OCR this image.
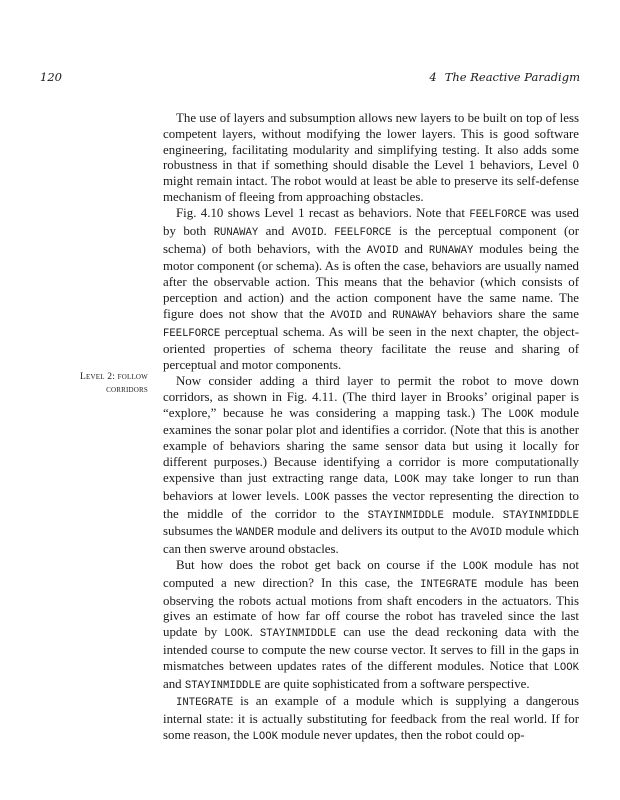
120	4 The Reactive Paradigm
Level 2: follow
corridors

The use of layers and subsumption allows new layers to be built on top of less competent layers, without modifying the lower layers. This is good software engineering, facilitating modularity and simplifying testing. It also adds some robustness in that if something should disable the Level 1 behaviors, Level 0 might remain intact. The robot would at least be able to preserve its self-defense mechanism of fleeing from approaching obstacles.

Fig. 4.10 shows Level 1 recast as behaviors. Note that FEELFORCE was used by both RUNAWAY and AVOID. FEELFORCE is the perceptual component (or schema) of both behaviors, with the AVOID and RUNAWAY modules being the motor component (or schema). As is often the case, behaviors are usually named after the observable action. This means that the behavior (which consists of perception and action) and the action component have the same name. The figure does not show that the AVOID and RUNAWAY behaviors share the same FEELFORCE perceptual schema. As will be seen in the next chapter, the object-oriented properties of schema theory facilitate the reuse and sharing of perceptual and motor components.

Now consider adding a third layer to permit the robot to move down corridors, as shown in Fig. 4.11. (The third layer in Brooks’ original paper is “explore,” because he was considering a mapping task.) The LOOK module examines the sonar polar plot and identifies a corridor. (Note that this is another example of behaviors sharing the same sensor data but using it locally for different purposes.) Because identifying a corridor is more computationally expensive than just extracting range data, LOOK may take longer to run than behaviors at lower levels. LOOK passes the vector representing the direction to the middle of the corridor to the STAYINMIDDLE module. STAYINMIDDLE subsumes the WANDER module and delivers its output to the AVOID module which can then swerve around obstacles.

But how does the robot get back on course if the LOOK module has not computed a new direction? In this case, the INTEGRATE module has been observing the robots actual motions from shaft encoders in the actuators. This gives an estimate of how far off course the robot has traveled since the last update by LOOK. STAYINMIDDLE can use the dead reckoning data with the intended course to compute the new course vector. It serves to fill in the gaps in mismatches between updates rates of the different modules. Notice that LOOK and STAYINMIDDLE are quite sophisticated from a software perspective.

INTEGRATE is an example of a module which is supplying a dangerous internal state: it is actually substituting for feedback from the real world. If for some reason, the LOOK module never updates, then the robot could op-
